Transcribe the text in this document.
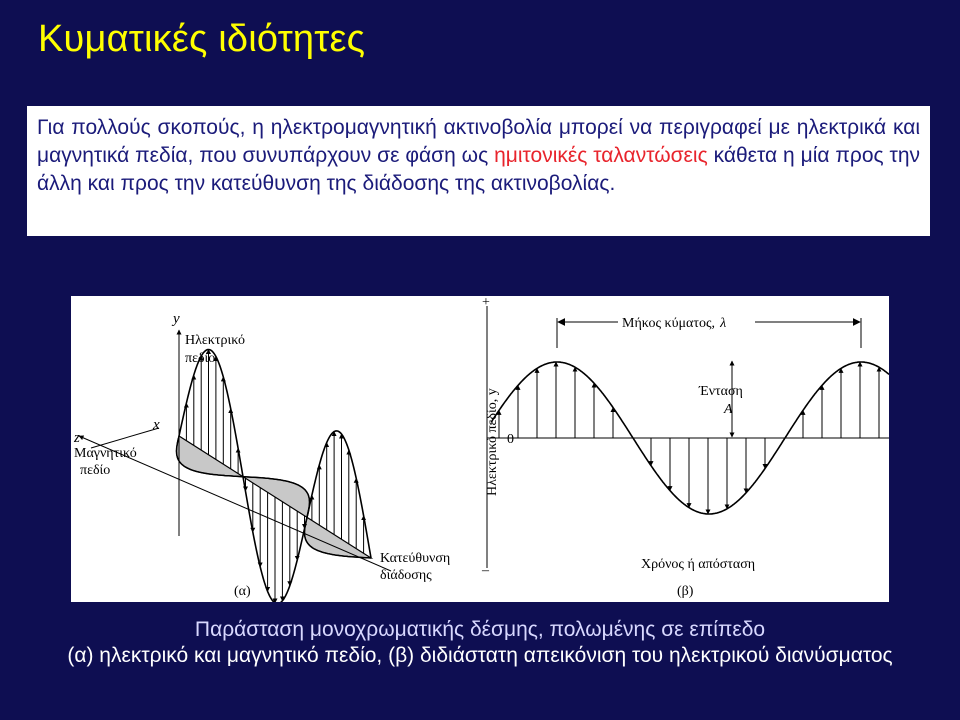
Κυματικές ιδιότητες
Για πολλούς σκοπούς, η ηλεκτρομαγνητική ακτινοβολία μπορεί να περιγραφεί με ηλεκτρικά και μαγνητικά πεδία, που συνυπάρχουν σε φάση ως ημιτονικές ταλαντώσεις κάθετα η μία προς την άλλη και προς την κατεύθυνση της διάδοσης της ακτινοβολίας.
y
Ηλεκτρικό
πεδίο
x
z
Μαγνητικό
πεδίο
Κατεύθυνση
διάδοσης
(α)
+
–
0
Ηλεκτρικό πεδίο, y
Μήκος κύματος, λ
Ένταση
A
Χρόνος ή απόσταση
(β)
Παράσταση μονοχρωματικής δέσμης, πολωμένης σε επίπεδο
(α) ηλεκτρικό και μαγνητικό πεδίο, (β) διδιάστατη απεικόνιση του ηλεκτρικού διανύσματος
